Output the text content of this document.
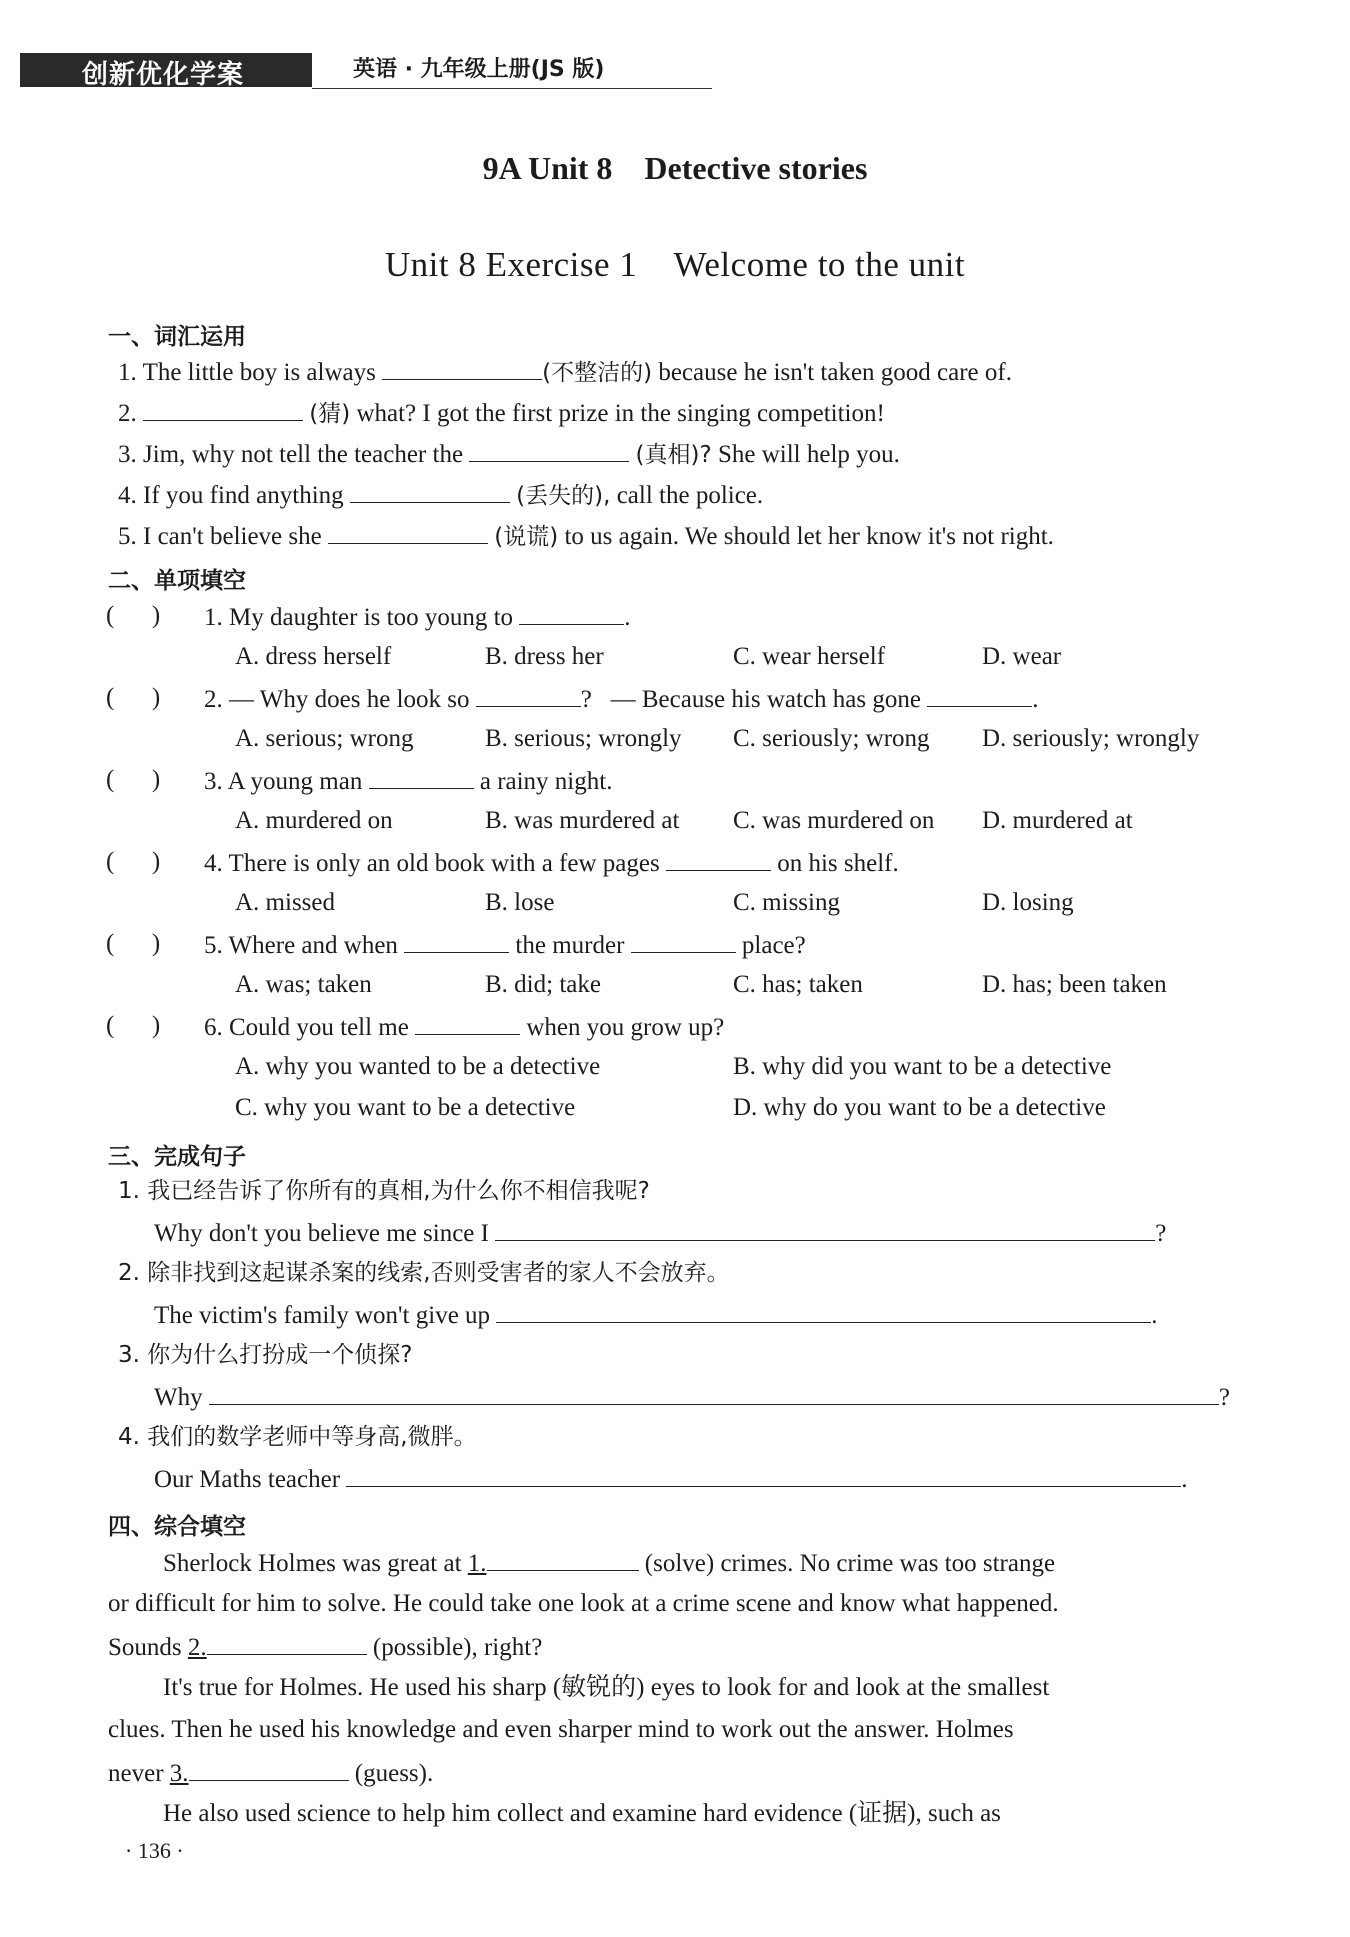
创新优化学案	英语 · 九年级上册(JS 版)
9A Unit 8    Detective stories
Unit 8 Exercise 1    Welcome to the unit
一、词汇运用
1. The little boy is always	(不整洁的) because he isn't taken good care of.
2.	(猜) what? I got the first prize in the singing competition!
3. Jim, why not tell the teacher the	(真相)? She will help you.
4. If you find anything	(丢失的), call the police.
5. I can't believe she	(说谎) to us again. We should let her know it's not right.
二、单项填空
(      ) 1. My daughter is too young to	.
A. dress herself	B. dress her	C. wear herself	D. wear
(      ) 2. — Why does he look so	? — Because his watch has gone	.
A. serious; wrong	B. serious; wrongly C. seriously; wrong D. seriously; wrongly
(      ) 3. A young man	a rainy night.
A. murdered on	B. was murdered at C. was murdered on D. murdered at
(      ) 4. There is only an old book with a few pages	on his shelf.
A. missed	B. lose	C. missing	D. losing
(      ) 5. Where and when	the murder	place?
A. was; taken	B. did; take	C. has; taken	D. has; been taken
(      ) 6. Could you tell me	when you grow up?
A. why you wanted to be a detective	B. why did you want to be a detective
C. why you want to be a detective	D. why do you want to be a detective
三、完成句子
1. 我已经告诉了你所有的真相,为什么你不相信我呢?
Why don't you believe me since I	?
2. 除非找到这起谋杀案的线索,否则受害者的家人不会放弃。
The victim's family won't give up	.
3. 你为什么打扮成一个侦探?
Why	?
4. 我们的数学老师中等身高,微胖。
Our Maths teacher	.
四、综合填空
Sherlock Holmes was great at 1.	(solve) crimes. No crime was too strange
or difficult for him to solve. He could take one look at a crime scene and know what happened.
Sounds 2.	(possible), right?
It's true for Holmes. He used his sharp (敏锐的) eyes to look for and look at the smallest
clues. Then he used his knowledge and even sharper mind to work out the answer. Holmes
never 3.	(guess).
He also used science to help him collect and examine hard evidence (证据), such as
· 136 ·
